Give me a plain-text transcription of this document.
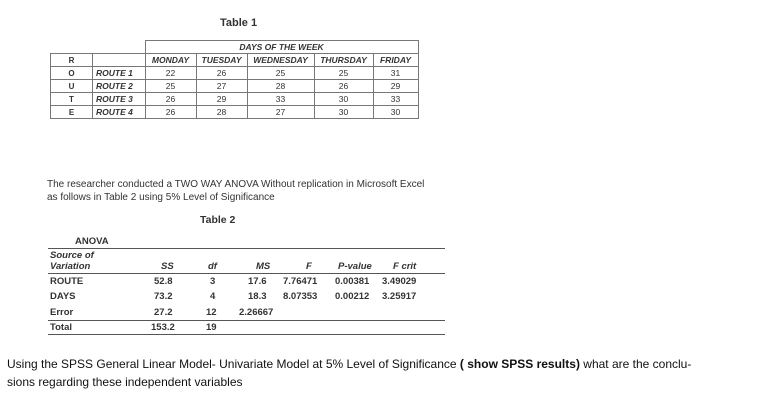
Table 1
		DAYS OF THE WEEK				
R		MONDAY	TUESDAY	WEDNESDAY	THURSDAY	FRIDAY
O	ROUTE 1	22	26	25	25	31
U	ROUTE 2	25	27	28	26	29
T	ROUTE 3	26	29	33	30	33
E	ROUTE 4	26	28	27	30	30
The researcher conducted a TWO WAY ANOVA Without replication in Microsoft Excel
as follows in Table 2 using 5% Level of Significance
Table 2
ANOVA
Source of
Variation	SS	df	MS	F	P-value F crit
ROUTE	52.8	3	17.6 7.76471 0.00381 3.49029
DAYS	73.2	4	18.3 8.07353 0.00212 3.25917
Error	27.2	12 2.26667
Total	153.2	19
Using the SPSS General Linear Model- Univariate Model at 5% Level of Significance ( show SPSS results) what are the conclu-
sions regarding these independent variables
